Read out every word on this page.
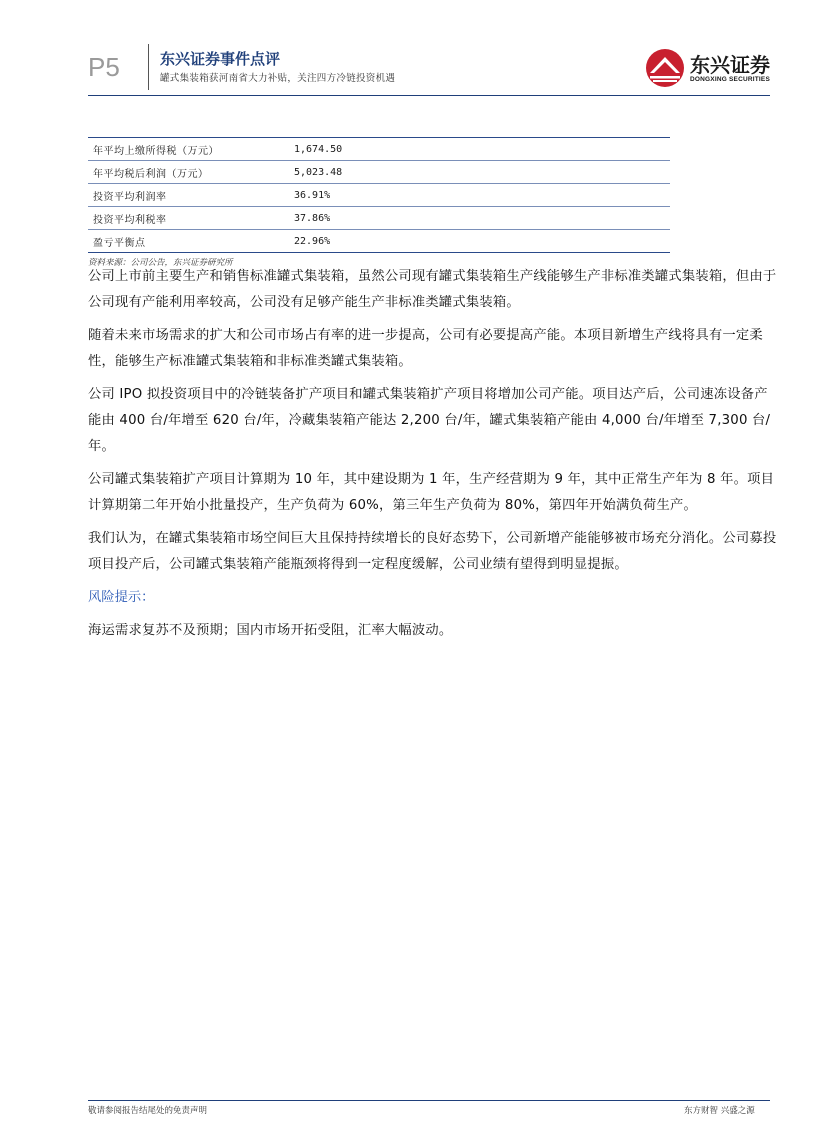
P5	东兴证券事件点评
罐式集装箱获河南省大力补贴，关注四方冷链投资机遇
东兴证券
DONGXING SECURITIES
年平均上缴所得税（万元）	1,674.50
年平均税后利润（万元）	5,023.48
投资平均利润率	36.91%
投资平均利税率	37.86%
盈亏平衡点	22.96%
资料来源：公司公告，东兴证券研究所

公司上市前主要生产和销售标准罐式集装箱，虽然公司现有罐式集装箱生产线能够生产非标准类罐式集装箱，但由于公司现有产能利用率较高，公司没有足够产能生产非标准类罐式集装箱。

随着未来市场需求的扩大和公司市场占有率的进一步提高，公司有必要提高产能。本项目新增生产线将具有一定柔性，能够生产标准罐式集装箱和非标准类罐式集装箱。

公司 IPO 拟投资项目中的冷链装备扩产项目和罐式集装箱扩产项目将增加公司产能。项目达产后，公司速冻设备产能由 400 台/年增至 620 台/年，冷藏集装箱产能达 2,200 台/年，罐式集装箱产能由 4,000 台/年增至 7,300 台/年。

公司罐式集装箱扩产项目计算期为 10 年，其中建设期为 1 年，生产经营期为 9 年，其中正常生产年为 8 年。项目计算期第二年开始小批量投产，生产负荷为 60%，第三年生产负荷为 80%，第四年开始满负荷生产。

我们认为，在罐式集装箱市场空间巨大且保持持续增长的良好态势下，公司新增产能能够被市场充分消化。公司募投项目投产后，公司罐式集装箱产能瓶颈将得到一定程度缓解，公司业绩有望得到明显提振。

风险提示：

海运需求复苏不及预期；国内市场开拓受阻，汇率大幅波动。

敬请参阅报告结尾处的免责声明	东方财智 兴盛之源
